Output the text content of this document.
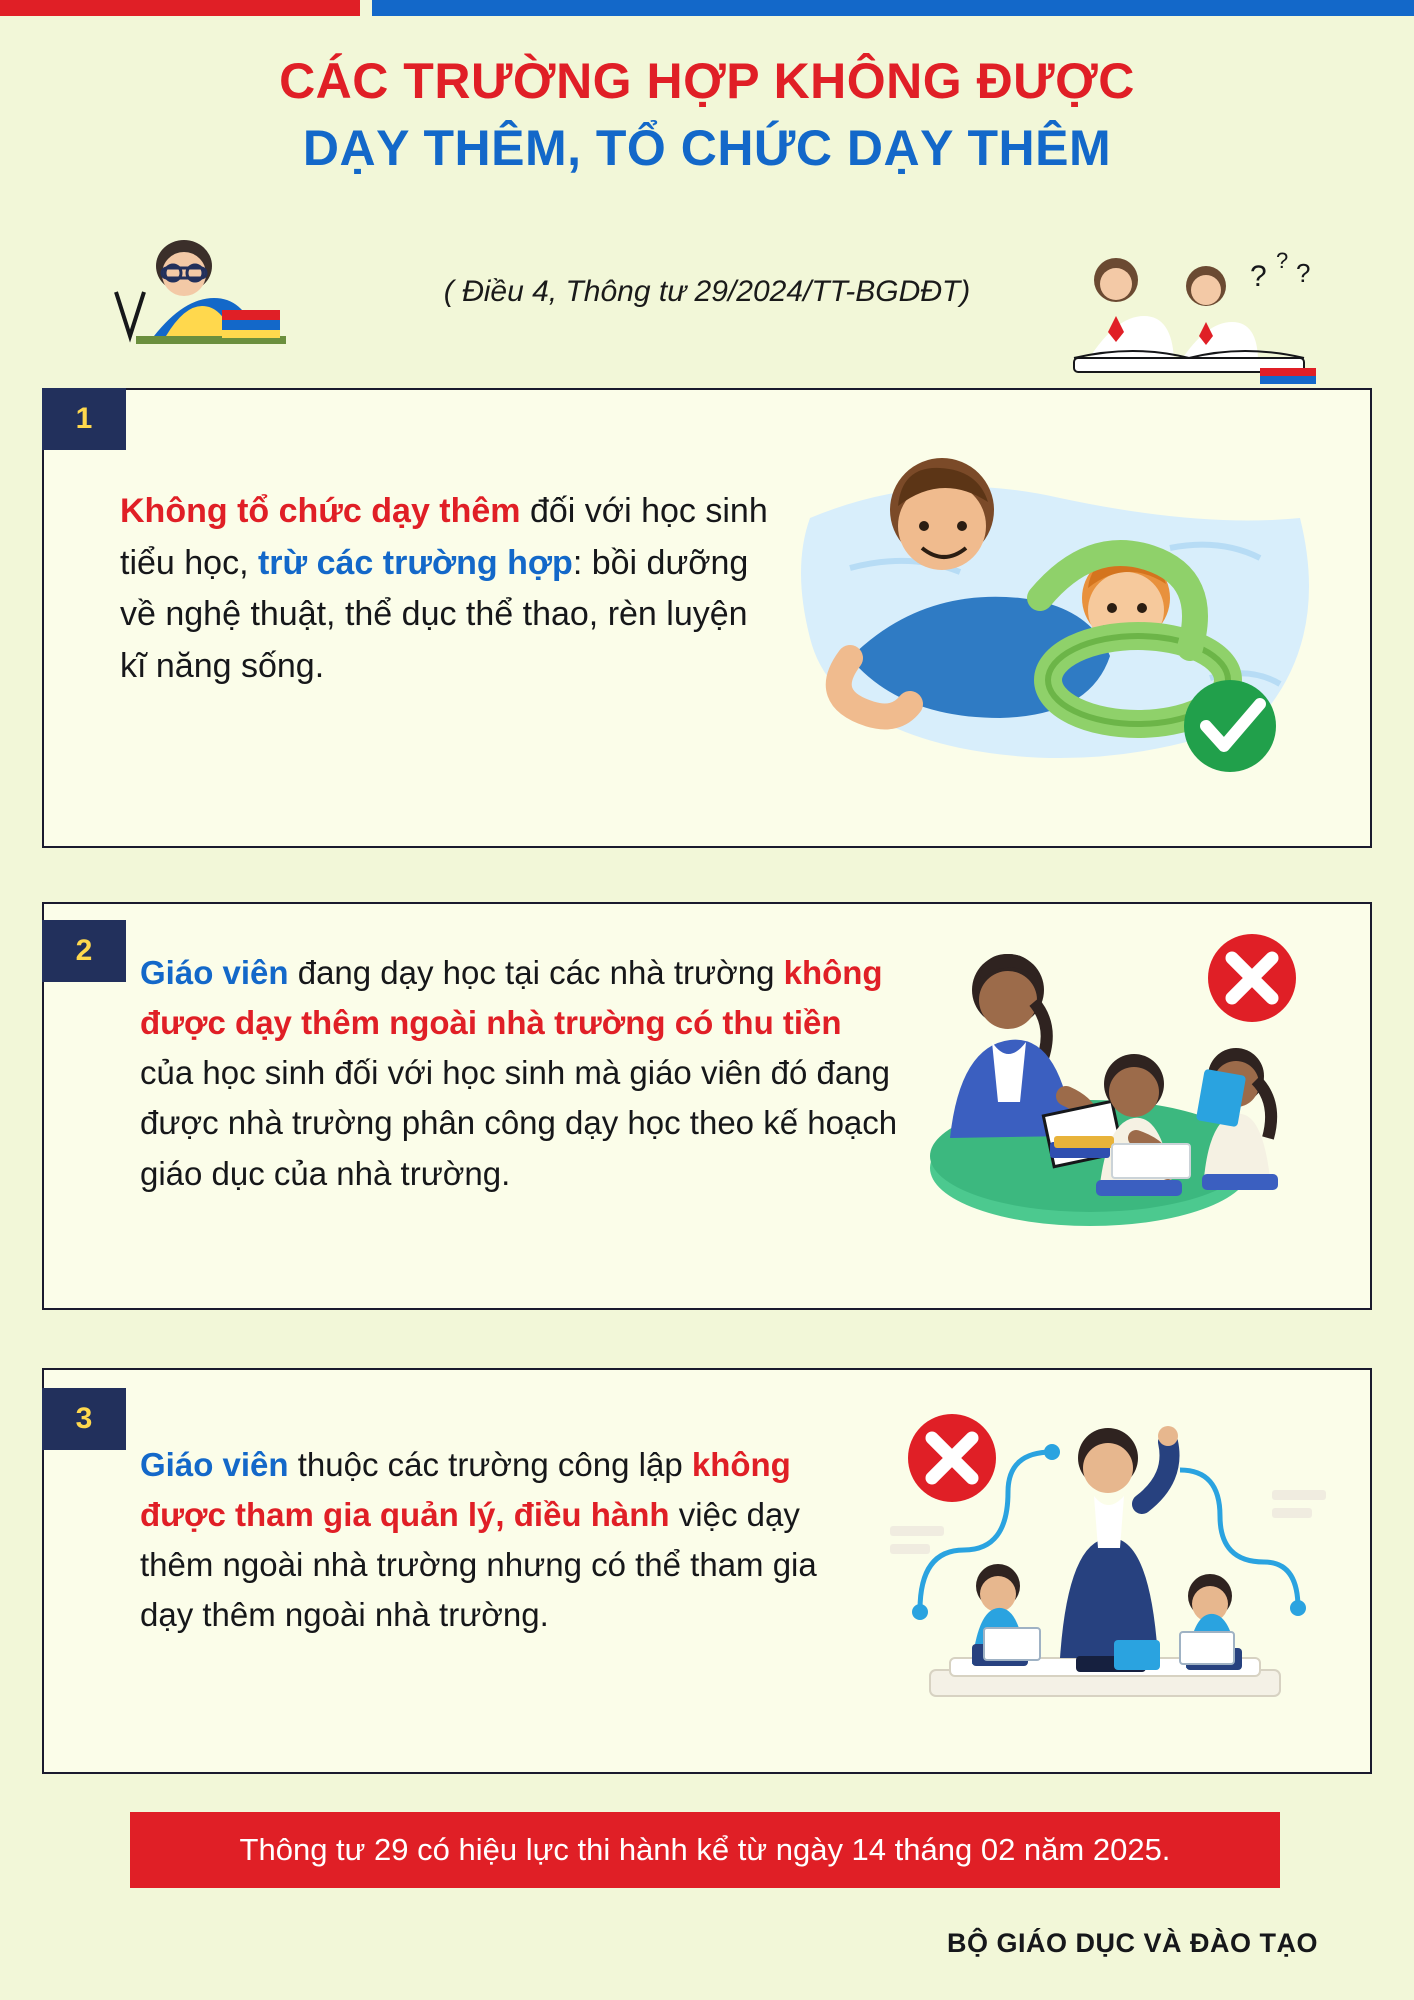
CÁC TRƯỜNG HỢP KHÔNG ĐƯỢC
DẠY THÊM, TỔ CHỨC DẠY THÊM
( Điều 4, Thông tư 29/2024/TT-BGDĐT)	? ? ?
1
Không tổ chức dạy thêm đối với học sinh tiểu học, trừ các trường hợp: bồi dưỡng về nghệ thuật, thể dục thể thao, rèn luyện kĩ năng sống.
2
Giáo viên đang dạy học tại các nhà trường không được dạy thêm ngoài nhà trường có thu tiền của học sinh đối với học sinh mà giáo viên đó đang được nhà trường phân công dạy học theo kế hoạch giáo dục của nhà trường.
3
Giáo viên thuộc các trường công lập không được tham gia quản lý, điều hành việc dạy thêm ngoài nhà trường nhưng có thể tham gia dạy thêm ngoài nhà trường.
Thông tư 29 có hiệu lực thi hành kể từ ngày 14 tháng 02 năm 2025.
BỘ GIÁO DỤC VÀ ĐÀO TẠO
